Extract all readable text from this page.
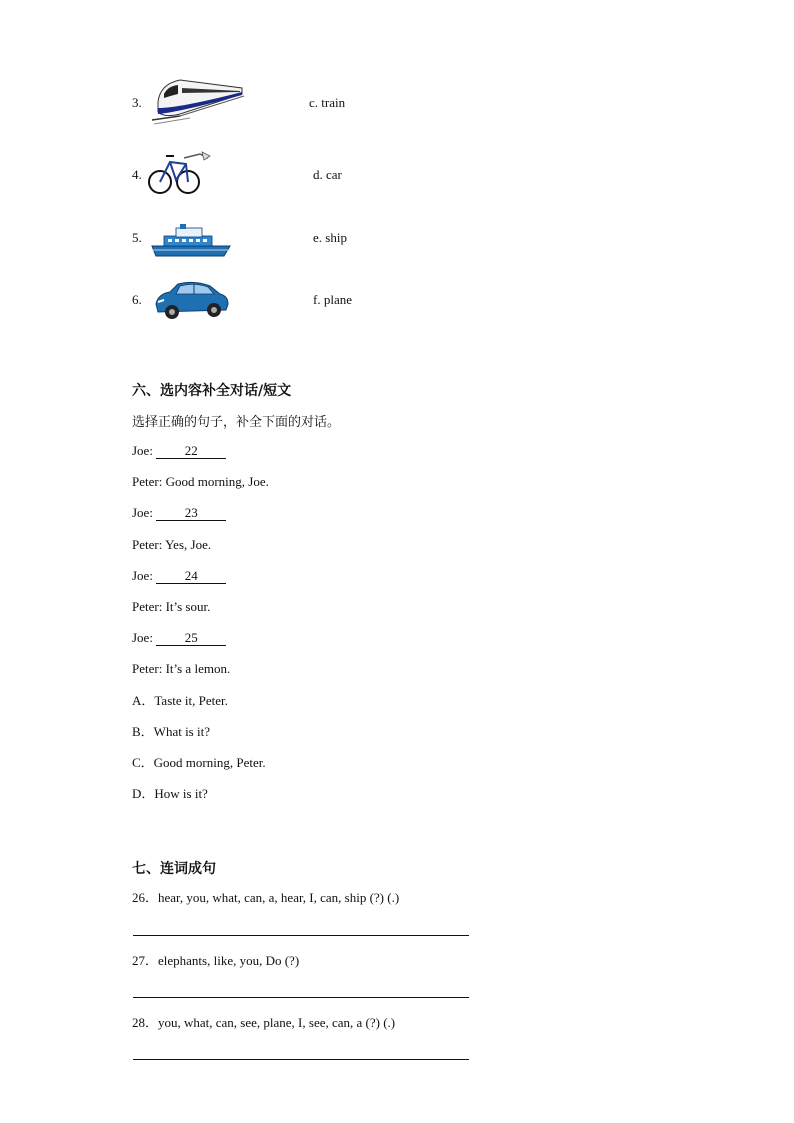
3.	c. train
4.	d. car
5.	e. ship
6.	f. plane
六、选内容补全对话/短文
选择正确的句子，补全下面的对话。
Joe: 22
Peter: Good morning, Joe.
Joe: 23
Peter: Yes, Joe.
Joe: 24
Peter: It’s sour.
Joe: 25
Peter: It’s a lemon.
A．Taste it, Peter.
B．What is it?
C．Good morning, Peter.
D．How is it?
七、连词成句
26．hear, you, what, can, a, hear, I, can, ship (?) (.)
27．elephants, like, you, Do (?)
28．you, what, can, see, plane, I, see, can, a (?) (.)
